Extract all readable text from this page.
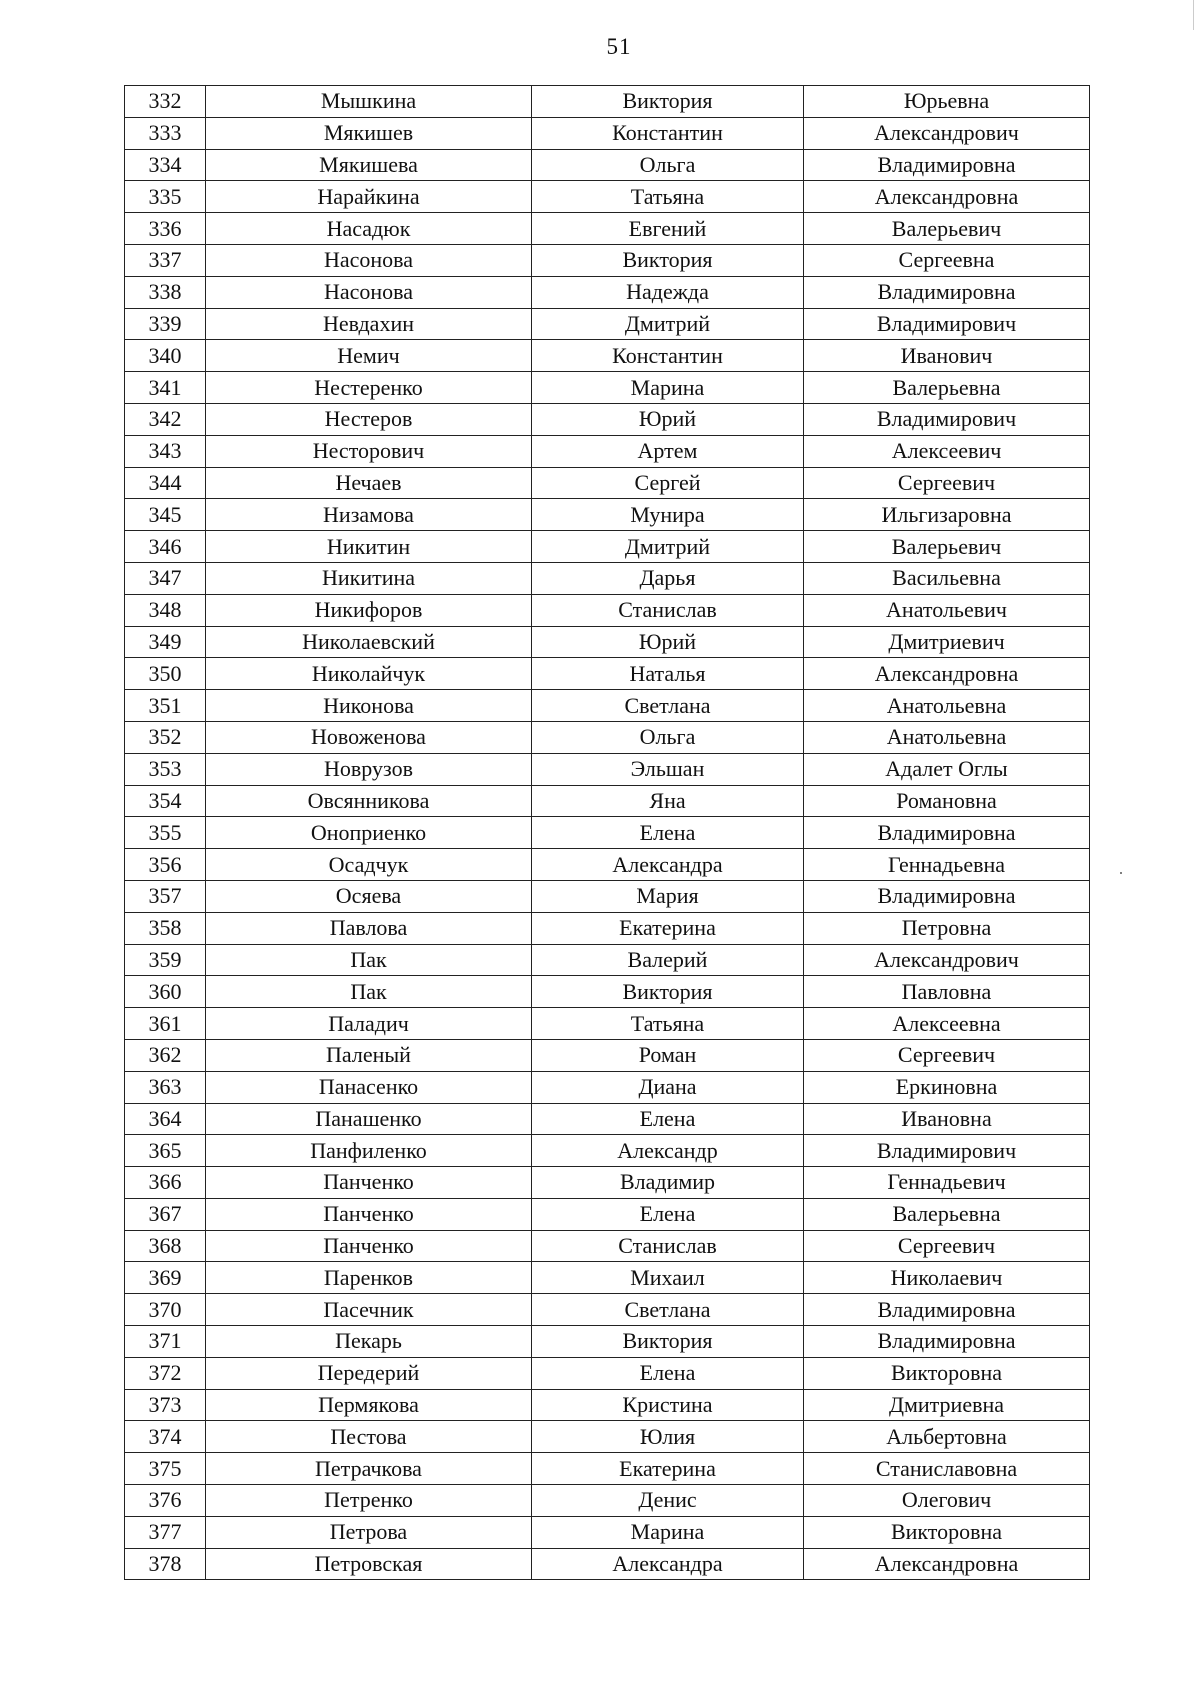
51
332	Мышкина	Виктория	Юрьевна
333	Мякишев	Константин	Александрович
334	Мякишева	Ольга	Владимировна
335	Нарайкина	Татьяна	Александровна
336	Насадюк	Евгений	Валерьевич
337	Насонова	Виктория	Сергеевна
338	Насонова	Надежда	Владимировна
339	Невдахин	Дмитрий	Владимирович
340	Немич	Константин	Иванович
341	Нестеренко	Марина	Валерьевна
342	Нестеров	Юрий	Владимирович
343	Несторович	Артем	Алексеевич
344	Нечаев	Сергей	Сергеевич
345	Низамова	Мунира	Ильгизаровна
346	Никитин	Дмитрий	Валерьевич
347	Никитина	Дарья	Васильевна
348	Никифоров	Станислав	Анатольевич
349	Николаевский	Юрий	Дмитриевич
350	Николайчук	Наталья	Александровна
351	Никонова	Светлана	Анатольевна
352	Новоженова	Ольга	Анатольевна
353	Новрузов	Эльшан	Адалет Оглы
354	Овсянникова	Яна	Романовна
355	Оноприенко	Елена	Владимировна
356	Осадчук	Александра	Геннадьевна
357	Осяева	Мария	Владимировна
358	Павлова	Екатерина	Петровна
359	Пак	Валерий	Александрович
360	Пак	Виктория	Павловна
361	Паладич	Татьяна	Алексеевна
362	Паленый	Роман	Сергеевич
363	Панасенко	Диана	Еркиновна
364	Панашенко	Елена	Ивановна
365	Панфиленко	Александр	Владимирович
366	Панченко	Владимир	Геннадьевич
367	Панченко	Елена	Валерьевна
368	Панченко	Станислав	Сергеевич
369	Паренков	Михаил	Николаевич
370	Пасечник	Светлана	Владимировна
371	Пекарь	Виктория	Владимировна
372	Передерий	Елена	Викторовна
373	Пермякова	Кристина	Дмитриевна
374	Пестова	Юлия	Альбертовна
375	Петрачкова	Екатерина	Станиславовна
376	Петренко	Денис	Олегович
377	Петрова	Марина	Викторовна
378	Петровская	Александра	Александровна
